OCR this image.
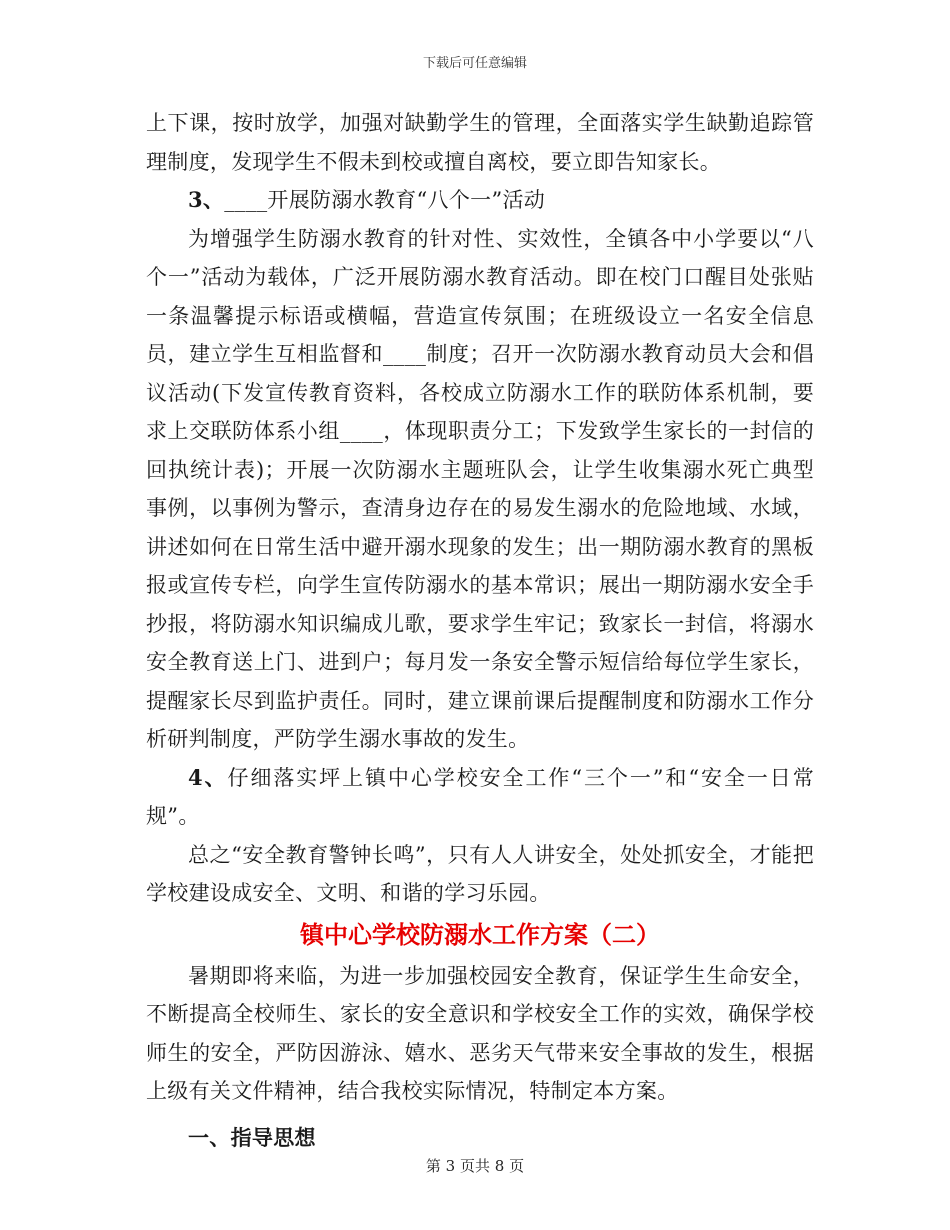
下载后可任意编辑

上下课，按时放学，加强对缺勤学生的管理，全面落实学生缺勤追踪管理制度，发现学生不假未到校或擅自离校，要立即告知家长。

3、____开展防溺水教育“八个一”活动

为增强学生防溺水教育的针对性、实效性，全镇各中小学要以“八个一”活动为载体，广泛开展防溺水教育活动。即在校门口醒目处张贴一条温馨提示标语或横幅，营造宣传氛围；在班级设立一名安全信息员，建立学生互相监督和____制度；召开一次防溺水教育动员大会和倡议活动(下发宣传教育资料，各校成立防溺水工作的联防体系机制，要求上交联防体系小组____，体现职责分工；下发致学生家长的一封信的回执统计表)；开展一次防溺水主题班队会，让学生收集溺水死亡典型事例，以事例为警示，查清身边存在的易发生溺水的危险地域、水域，讲述如何在日常生活中避开溺水现象的发生；出一期防溺水教育的黑板报或宣传专栏，向学生宣传防溺水的基本常识；展出一期防溺水安全手抄报，将防溺水知识编成儿歌，要求学生牢记；致家长一封信，将溺水安全教育送上门、进到户；每月发一条安全警示短信给每位学生家长，提醒家长尽到监护责任。同时，建立课前课后提醒制度和防溺水工作分析研判制度，严防学生溺水事故的发生。

4、仔细落实坪上镇中心学校安全工作“三个一”和“安全一日常规”。

总之“安全教育警钟长鸣”，只有人人讲安全，处处抓安全，才能把学校建设成安全、文明、和谐的学习乐园。

镇中心学校防溺水工作方案（二）

暑期即将来临，为进一步加强校园安全教育，保证学生生命安全，不断提高全校师生、家长的安全意识和学校安全工作的实效，确保学校师生的安全，严防因游泳、嬉水、恶劣天气带来安全事故的发生，根据上级有关文件精神，结合我校实际情况，特制定本方案。

一、指导思想

第 3 页共 8 页
